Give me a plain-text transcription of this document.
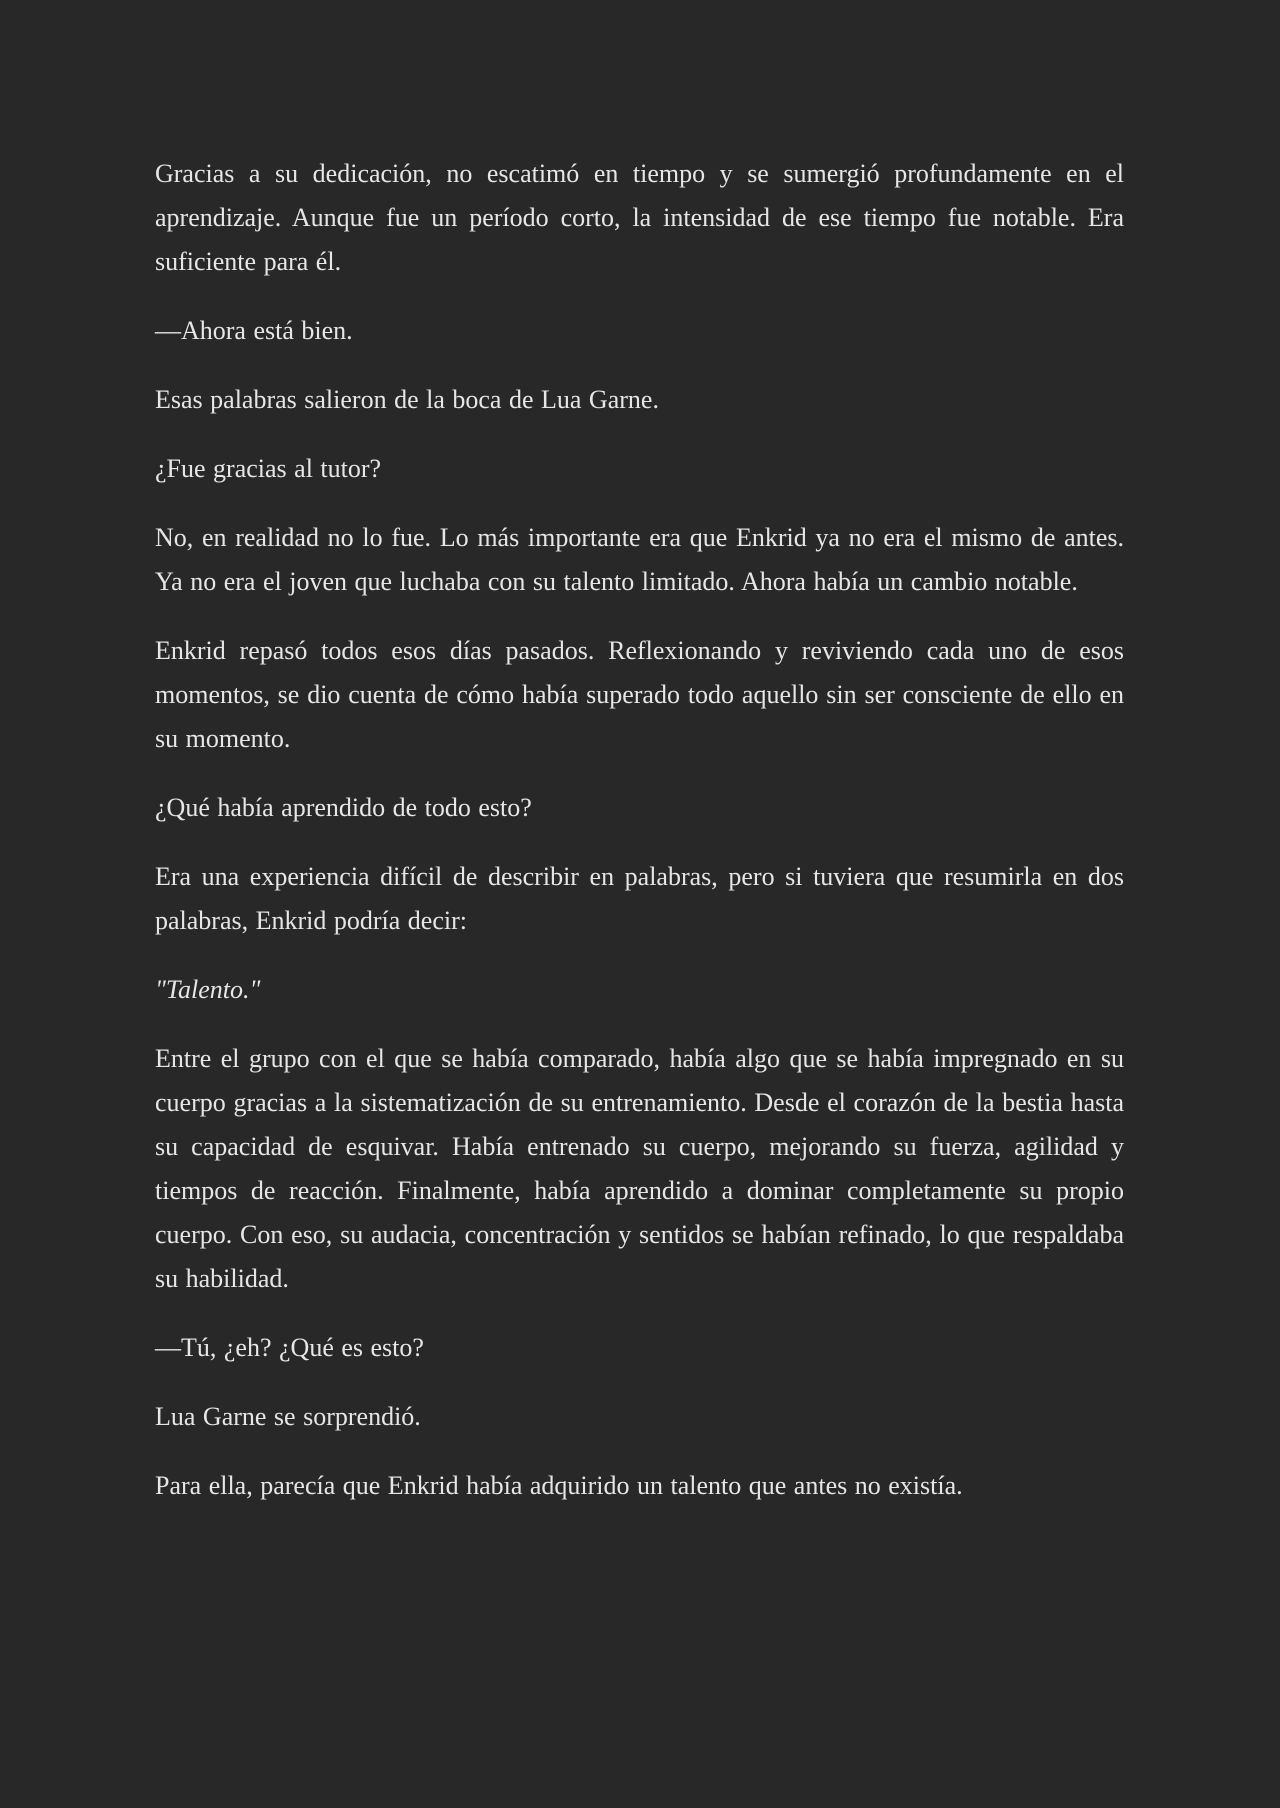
Gracias a su dedicación, no escatimó en tiempo y se sumergió profundamente en el aprendizaje. Aunque fue un período corto, la intensidad de ese tiempo fue notable. Era suficiente para él.

—Ahora está bien.

Esas palabras salieron de la boca de Lua Garne.

¿Fue gracias al tutor?

No, en realidad no lo fue. Lo más importante era que Enkrid ya no era el mismo de antes. Ya no era el joven que luchaba con su talento limitado. Ahora había un cambio notable.

Enkrid repasó todos esos días pasados. Reflexionando y reviviendo cada uno de esos momentos, se dio cuenta de cómo había superado todo aquello sin ser consciente de ello en su momento.

¿Qué había aprendido de todo esto?

Era una experiencia difícil de describir en palabras, pero si tuviera que resumirla en dos palabras, Enkrid podría decir:

"Talento."

Entre el grupo con el que se había comparado, había algo que se había impregnado en su cuerpo gracias a la sistematización de su entrenamiento. Desde el corazón de la bestia hasta su capacidad de esquivar. Había entrenado su cuerpo, mejorando su fuerza, agilidad y tiempos de reacción. Finalmente, había aprendido a dominar completamente su propio cuerpo. Con eso, su audacia, concentración y sentidos se habían refinado, lo que respaldaba su habilidad.

—Tú, ¿eh? ¿Qué es esto?

Lua Garne se sorprendió.

Para ella, parecía que Enkrid había adquirido un talento que antes no existía.
